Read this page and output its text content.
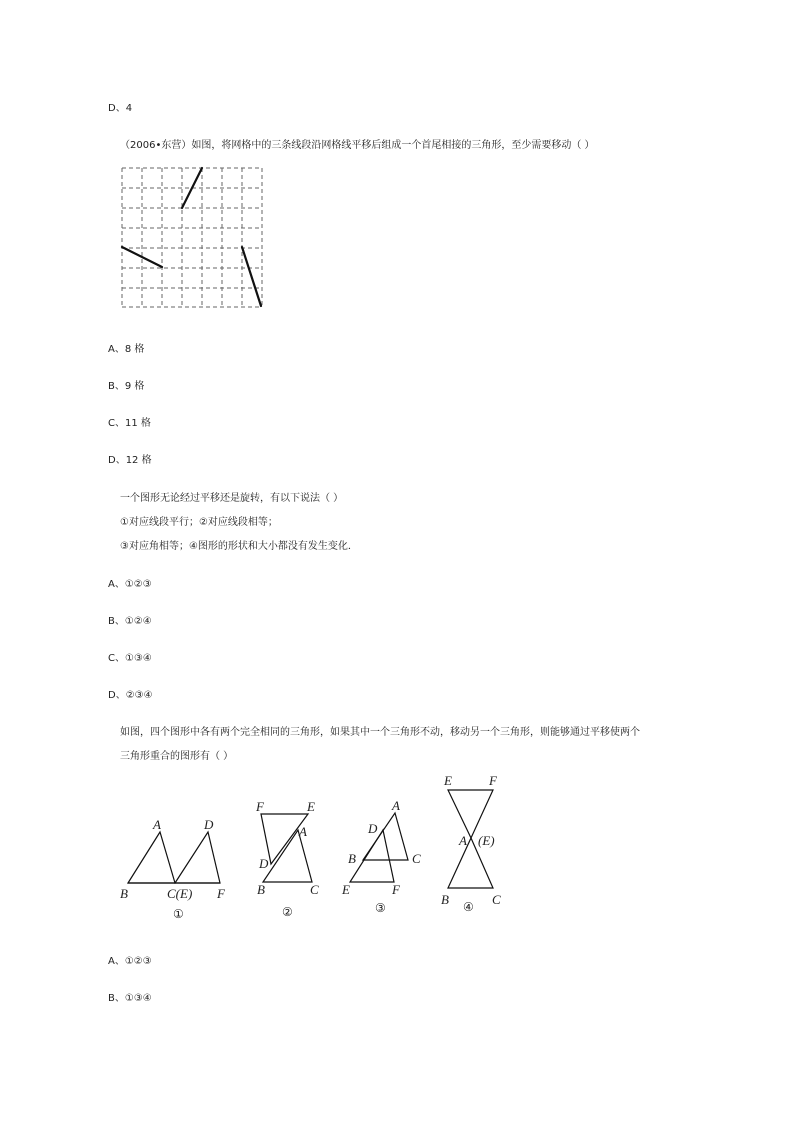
D、4
（2006•东营）如图，将网格中的三条线段沿网格线平移后组成一个首尾相接的三角形，至少需要移动（ ）
A、8 格
B、9 格
C、11 格
D、12 格
一个图形无论经过平移还是旋转，有以下说法（ ）
①对应线段平行；②对应线段相等；
③对应角相等；④图形的形状和大小都没有发生变化．
A、①②③
B、①②④
C、①③④
D、②③④
如图，四个图形中各有两个完全相同的三角形，如果其中一个三角形不动，移动另一个三角形，则能够通过平移使两个
三角形重合的图形有（ ）
A	D
B	C(E) F
①
F	E
A
D
B	C
②
A
D
B	C
E	F
③
E	F
A (E)
B	C
④
A、①②③
B、①③④
